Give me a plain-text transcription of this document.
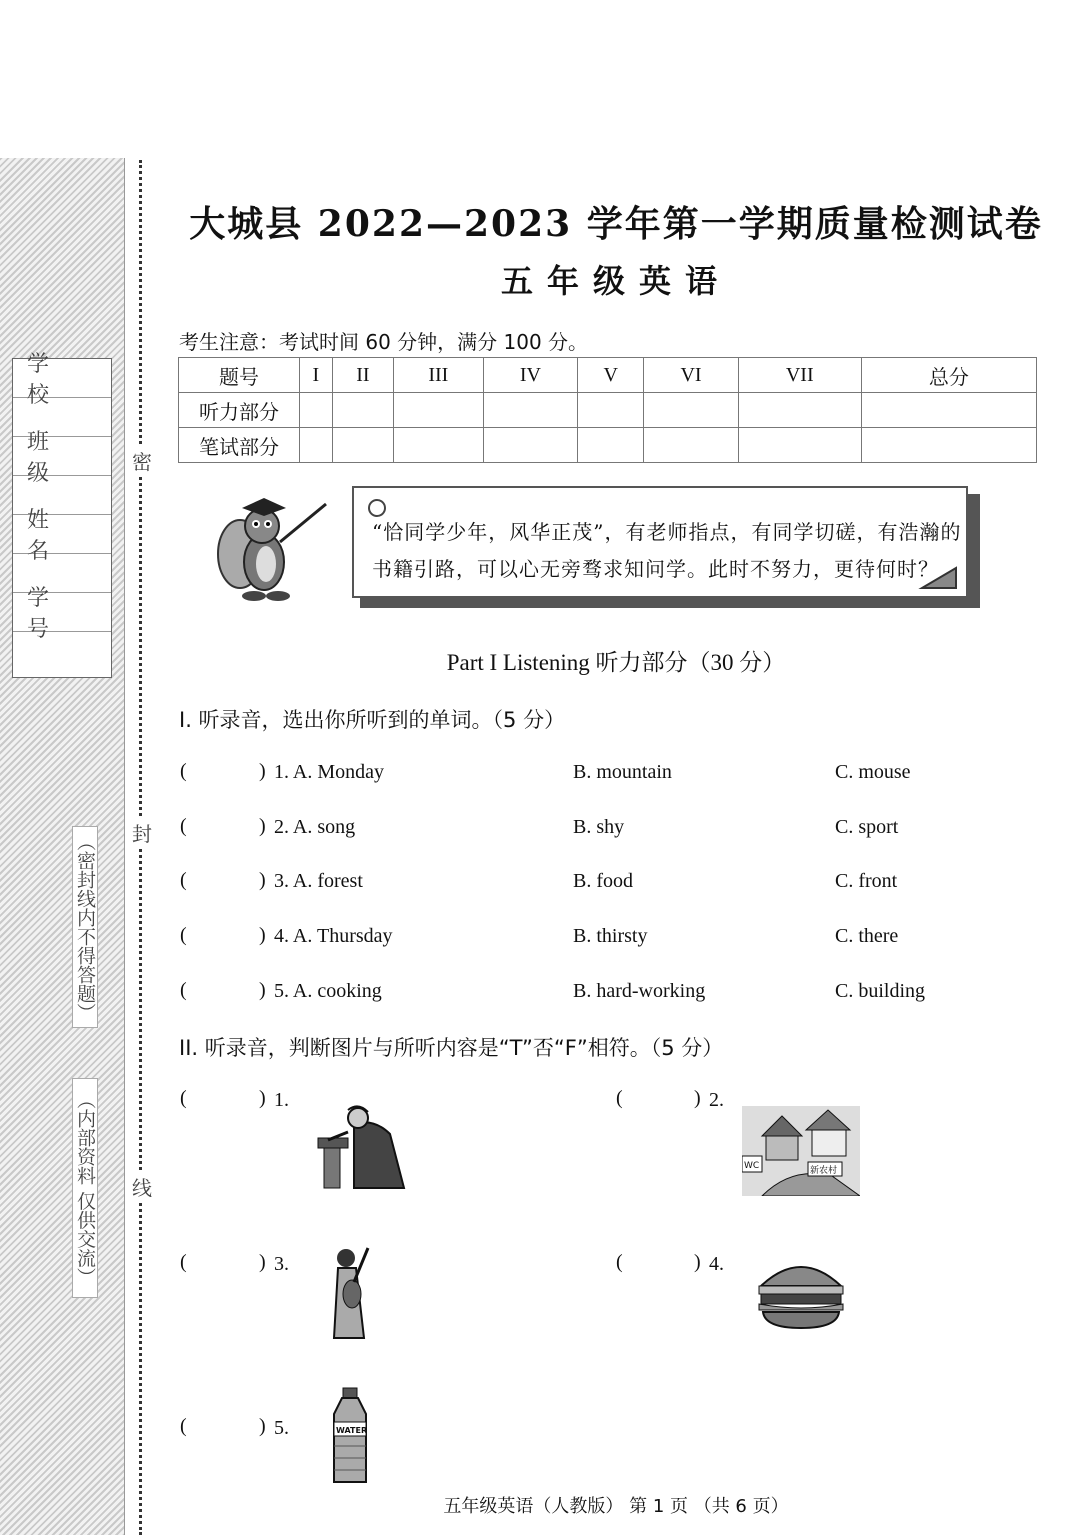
学 校
班 级
姓 名
学 号
（密封线内不得答题）
（内部资料 仅供交流）
密
封
线
大城县 2022—2023 学年第一学期质量检测试卷
五年级英语
考生注意：考试时间 60 分钟，满分 100 分。
题号	I	II	III	IV	V	VI	VII	总分
听力部分								
笔试部分								
“恰同学少年，风华正茂”，有老师指点，有同学切磋，有浩瀚的
书籍引路，可以心无旁骛求知问学。此时不努力，更待何时？
Part I Listening 听力部分（30 分）
I. 听录音，选出你所听到的单词。（5 分）
(	) 1. A. Monday	B. mountain	C. mouse
(	) 2. A. song	B. shy	C. sport
(	) 3. A. forest	B. food	C. front
(	) 4. A. Thursday	B. thirsty	C. there
(	) 5. A. cooking	B. hard-working	C. building
II. 听录音，判断图片与所听内容是“T”否“F”相符。（5 分）
(	) 1.	(	) 2.
WC	新农村
(	) 3.	(	) 4.
(	) 5.	WATER
五年级英语（人教版） 第 1 页 （共 6 页）
